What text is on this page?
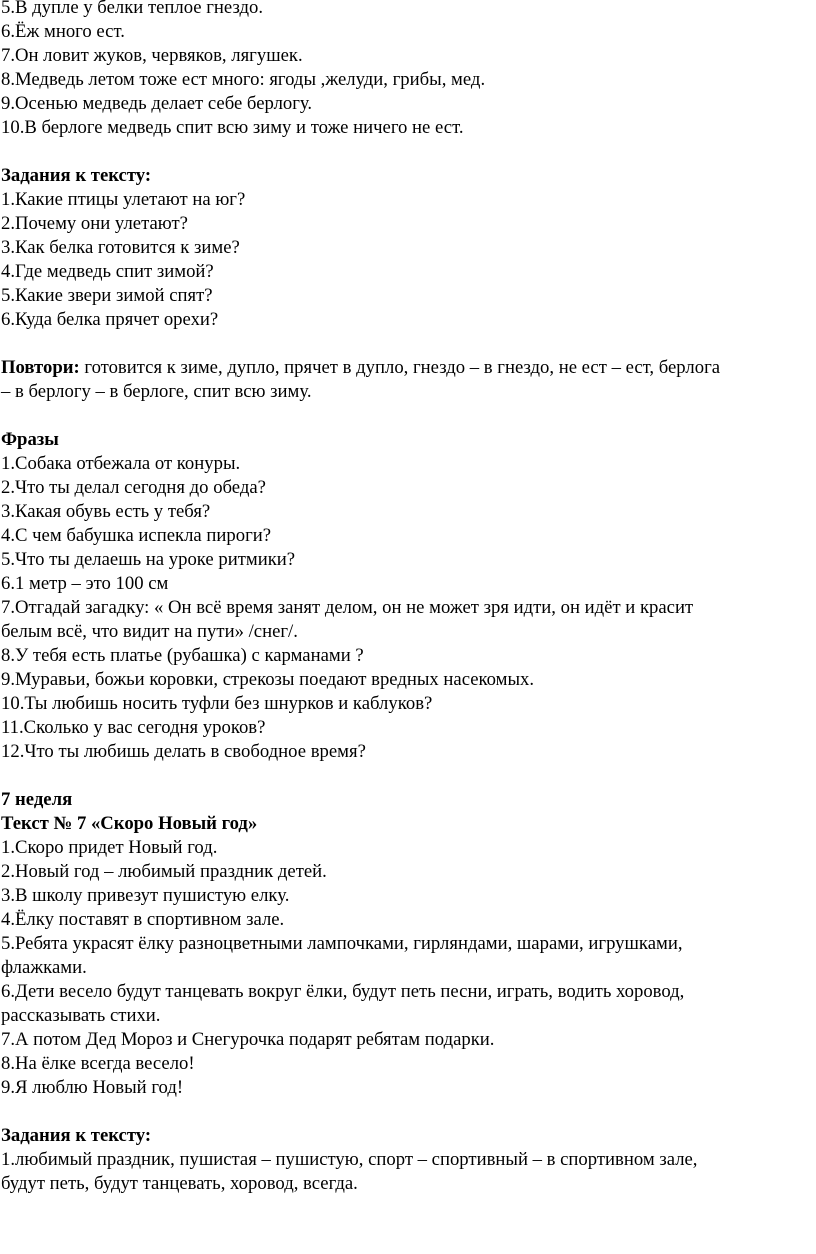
5.В дупле у белки теплое гнездо.
6.Ёж много ест.
7.Он ловит жуков, червяков, лягушек.
8.Медведь летом тоже ест много: ягоды ,желуди, грибы, мед.
9.Осенью медведь делает себе берлогу.
10.В берлоге медведь спит всю зиму и тоже ничего не ест.
Задания к тексту:
1.Какие птицы улетают на юг?
2.Почему они улетают?
3.Как белка готовится к зиме?
4.Где медведь спит зимой?
5.Какие звери зимой спят?
6.Куда белка прячет орехи?
Повтори: готовится к зиме, дупло, прячет в дупло, гнездо – в гнездо, не ест – ест, берлога
– в берлогу – в берлоге, спит всю зиму.
Фразы
1.Собака отбежала от конуры.
2.Что ты делал сегодня до обеда?
3.Какая обувь есть у тебя?
4.С чем бабушка испекла пироги?
5.Что ты делаешь на уроке ритмики?
6.1 метр – это 100 см
7.Отгадай загадку: « Он всё время занят делом, он не может зря идти, он идёт и красит
белым всё, что видит на пути» /снег/.
8.У тебя есть платье (рубашка) с карманами ?
9.Муравьи, божьи коровки, стрекозы поедают вредных насекомых.
10.Ты любишь носить туфли без шнурков и каблуков?
11.Сколько у вас сегодня уроков?
12.Что ты любишь делать в свободное время?
7 неделя
Текст № 7 «Скоро Новый год»
1.Скоро придет Новый год.
2.Новый год – любимый праздник детей.
3.В школу привезут пушистую елку.
4.Ёлку поставят в спортивном зале.
5.Ребята украсят ёлку разноцветными лампочками, гирляндами, шарами, игрушками,
флажками.
6.Дети весело будут танцевать вокруг ёлки, будут петь песни, играть, водить хоровод,
рассказывать стихи.
7.А потом Дед Мороз и Снегурочка подарят ребятам подарки.
8.На ёлке всегда весело!
9.Я люблю Новый год!
Задания к тексту:
1.любимый праздник, пушистая – пушистую, спорт – спортивный – в спортивном зале,
будут петь, будут танцевать, хоровод, всегда.
